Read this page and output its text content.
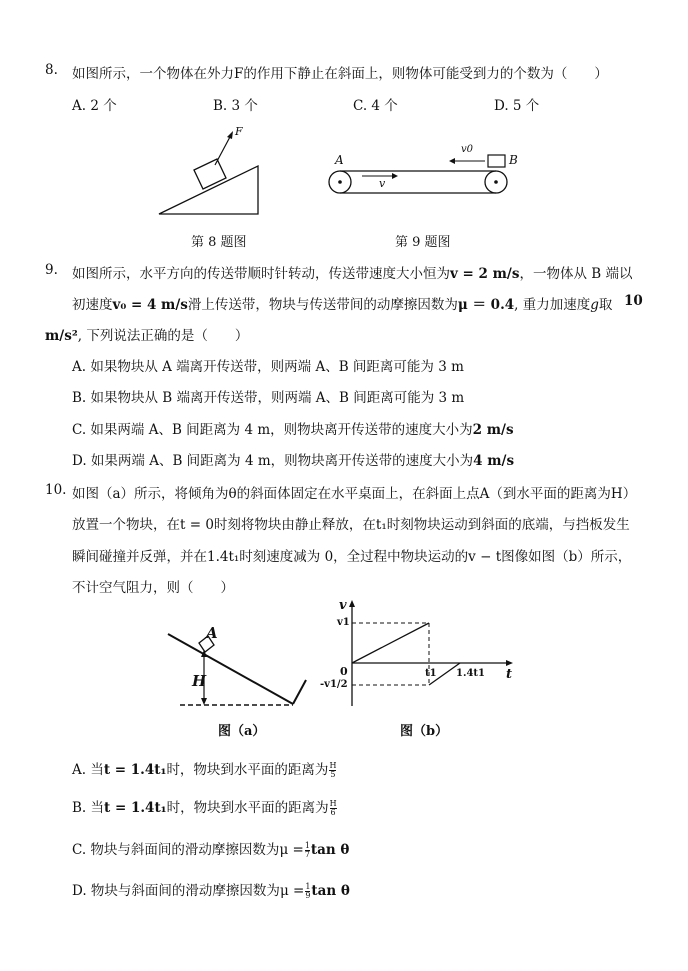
8. 如图所示，一个物体在外力F的作用下静止在斜面上，则物体可能受到力的个数为（　　）
A. 2 个	B. 3 个	C. 4 个	D. 5 个
F
第 8 题图
A	B
v0
v
第 9 题图
9. 如图所示，水平方向的传送带顺时针转动，传送带速度大小恒为v = 2 m/s，一物体从 B 端以
初速度v₀ = 4 m/s滑上传送带，物块与传送带间的动摩擦因数为μ ＝ 0.4, 重力加速度g取 10
m/s², 下列说法正确的是（　　）
A. 如果物块从 A 端离开传送带，则两端 A、B 间距离可能为 3 m
B. 如果物块从 B 端离开传送带，则两端 A、B 间距离可能为 3 m
C. 如果两端 A、B 间距离为 4 m，则物块离开传送带的速度大小为2 m/s
D. 如果两端 A、B 间距离为 4 m，则物块离开传送带的速度大小为4 m/s
10. 如图（a）所示，将倾角为θ的斜面体固定在水平桌面上，在斜面上点A（到水平面的距离为H）
放置一个物块，在t = 0时刻将物块由静止释放，在t₁时刻物块运动到斜面的底端，与挡板发生
瞬间碰撞并反弹，并在1.4t₁时刻速度减为 0，全过程中物块运动的v − t图像如图（b）所示，
不计空气阻力，则（　　）
A
H
图（a）
v
t
0
v1
-v1/2
t1 1.4t1
图（b）
A. 当t = 1.4t₁时，物块到水平面的距离为 $\frac{H}{5}$
B. 当t = 1.4t₁时，物块到水平面的距离为 $\frac{H}{6}$
C. 物块与斜面间的滑动摩擦因数为$\mu = \frac{1}{7}$ tan θ
D. 物块与斜面间的滑动摩擦因数为$\mu = \frac{1}{9}$ tan θ
